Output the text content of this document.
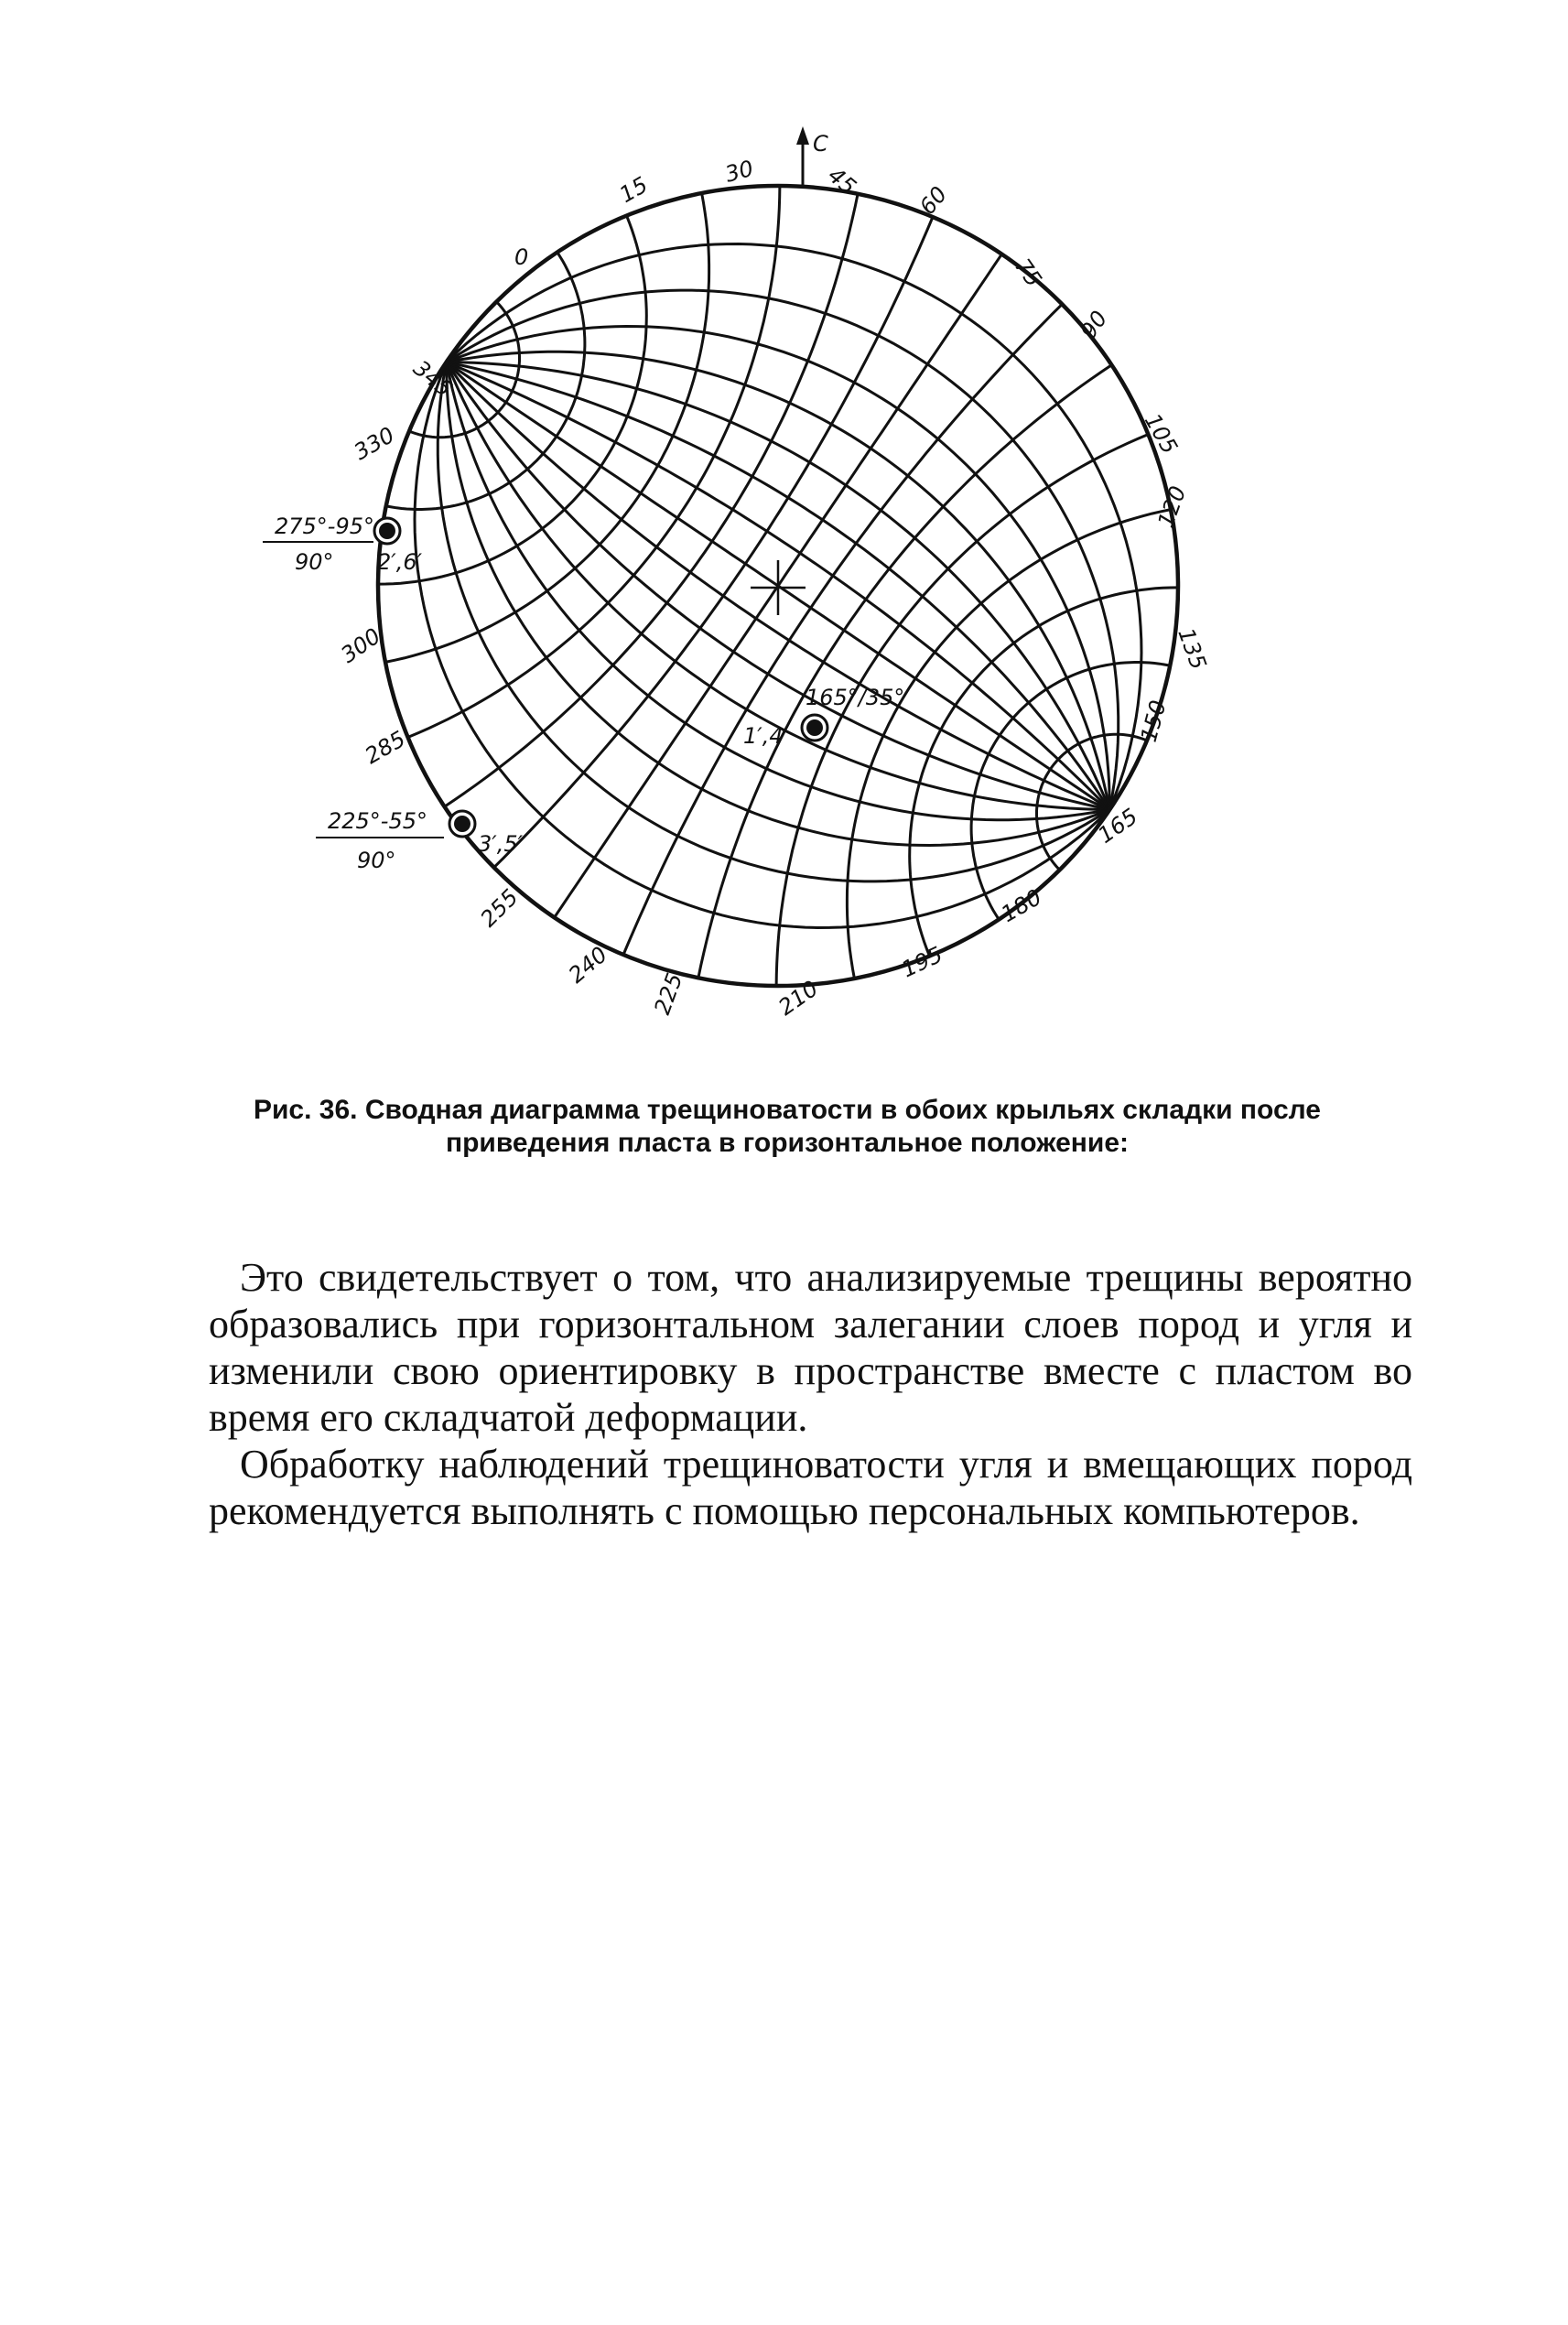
С
0
15
30	45
60
75
90
105
120
135
150
165
180
195
210
225
240
255
285
300
330
345
275°-95°
90° 2′,6′
225°-55°
90°
3′,5′
165°/35°
1′,4′
Рис. 36. Сводная диаграмма трещиноватости в обоих крыльях складки после приведения пласта в горизонтальное положение:

Это свидетельствует о том, что анализируемые трещины вероятно образовались при горизонтальном залегании слоев пород и угля и изменили свою ориентировку в пространстве вместе с пластом во время его складчатой деформации.

Обработку наблюдений трещиноватости угля и вмещающих пород рекомендуется выполнять с помощью персональных компьютеров.
